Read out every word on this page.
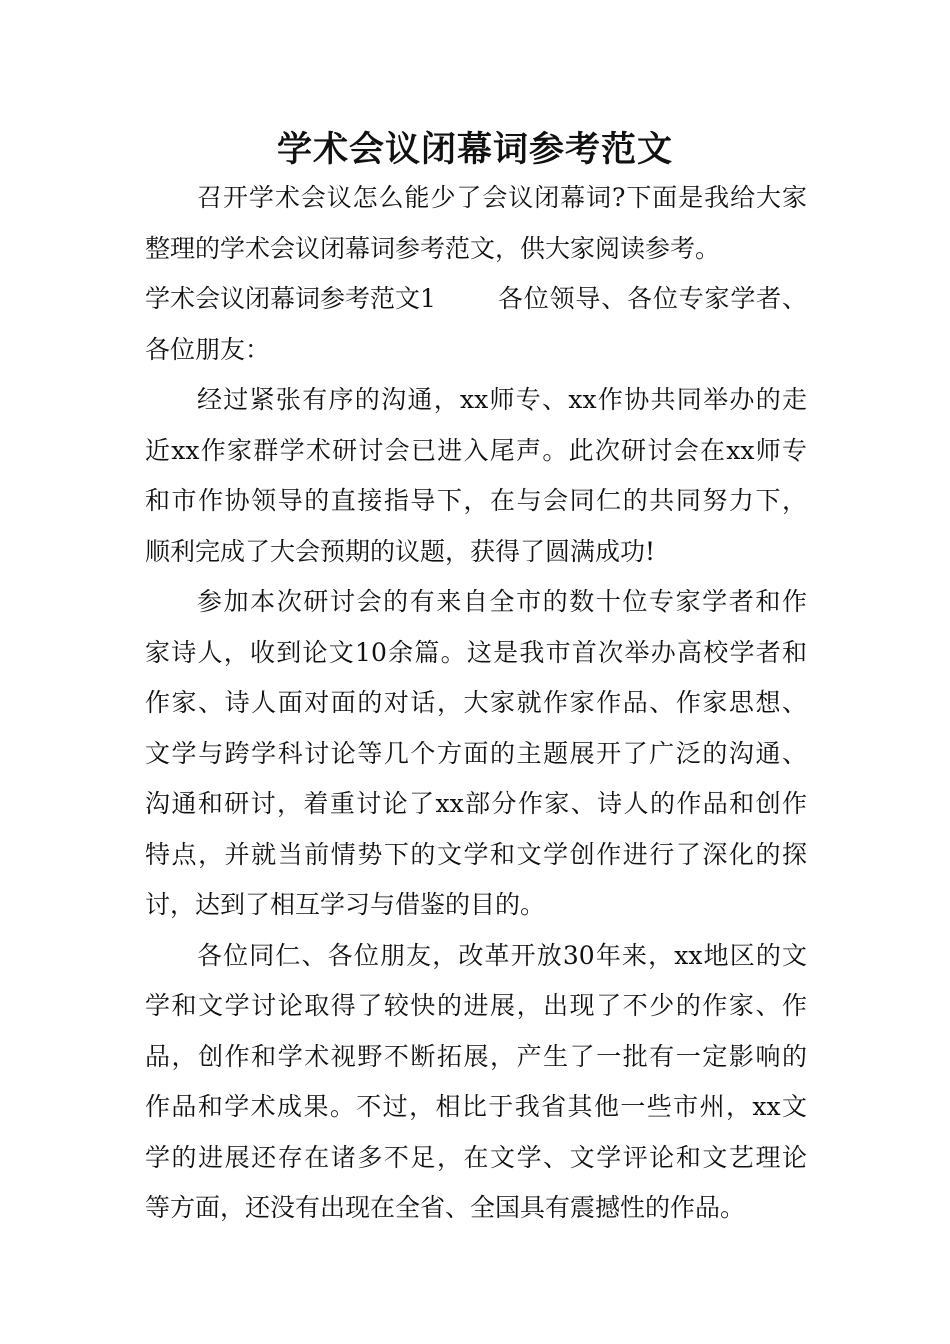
学术会议闭幕词参考范文
召开学术会议怎么能少了会议闭幕词?下面是我给大家
整理的学术会议闭幕词参考范文，供大家阅读参考。
学术会议闭幕词参考范文1 各位领导、各位专家学者、
各位朋友：
经过紧张有序的沟通，xx师专、xx作协共同举办的走
近xx作家群学术研讨会已进入尾声。此次研讨会在xx师专
和市作协领导的直接指导下，在与会同仁的共同努力下，
顺利完成了大会预期的议题，获得了圆满成功!
参加本次研讨会的有来自全市的数十位专家学者和作
家诗人，收到论文10余篇。这是我市首次举办高校学者和
作家、诗人面对面的对话，大家就作家作品、作家思想、
文学与跨学科讨论等几个方面的主题展开了广泛的沟通、
沟通和研讨，着重讨论了xx部分作家、诗人的作品和创作
特点，并就当前情势下的文学和文学创作进行了深化的探
讨，达到了相互学习与借鉴的目的。
各位同仁、各位朋友，改革开放30年来，xx地区的文
学和文学讨论取得了较快的进展，出现了不少的作家、作
品，创作和学术视野不断拓展，产生了一批有一定影响的
作品和学术成果。不过，相比于我省其他一些市州，xx文
学的进展还存在诸多不足，在文学、文学评论和文艺理论
等方面，还没有出现在全省、全国具有震撼性的作品。
